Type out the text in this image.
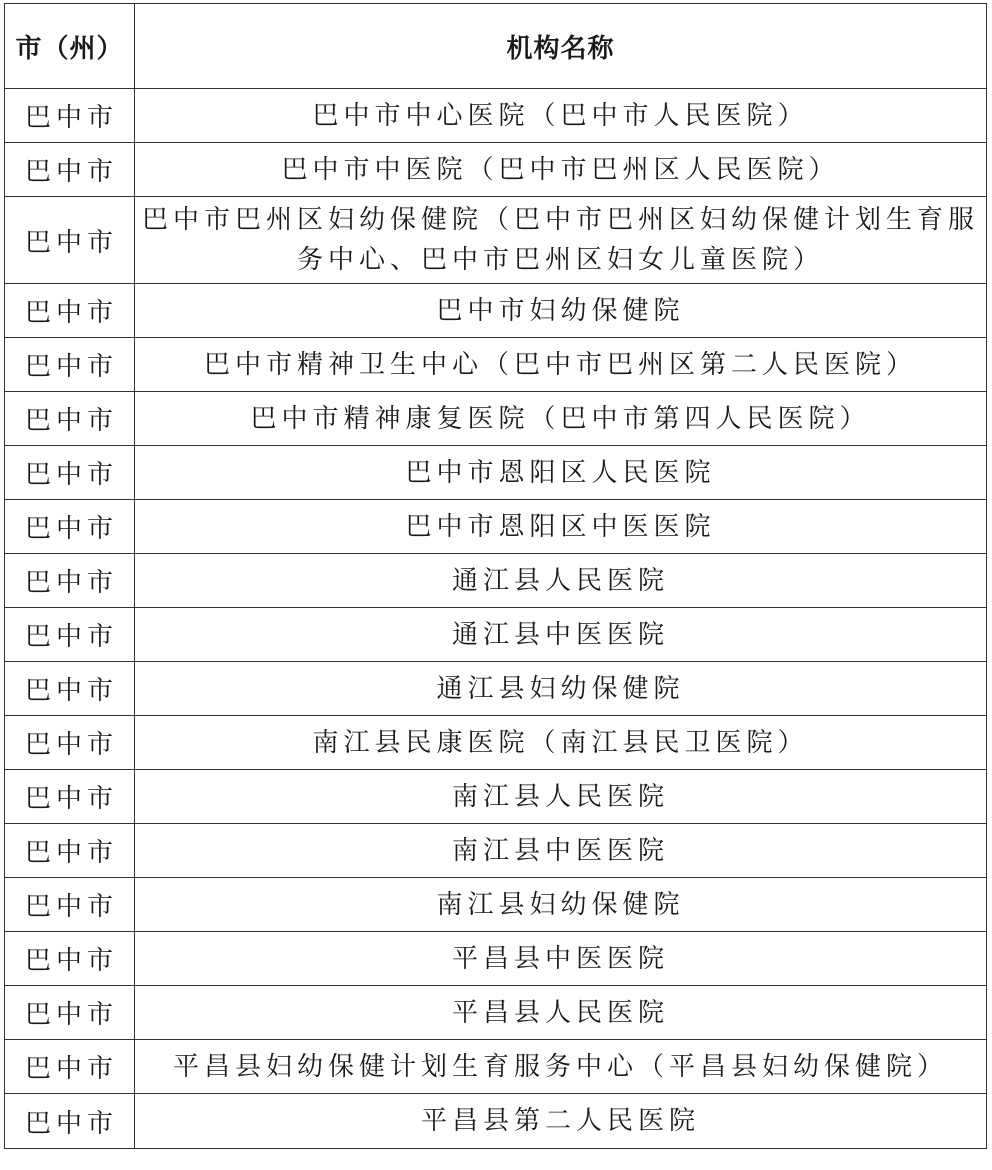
市（州）	机构名称
巴中市	巴中市中心医院（巴中市人民医院）
巴中市	巴中市中医院（巴中市巴州区人民医院）
巴中市	巴中市巴州区妇幼保健院（巴中市巴州区妇幼保健计划生育服务中心、巴中市巴州区妇女儿童医院）
巴中市	巴中市妇幼保健院
巴中市	巴中市精神卫生中心（巴中市巴州区第二人民医院）
巴中市	巴中市精神康复医院（巴中市第四人民医院）
巴中市	巴中市恩阳区人民医院
巴中市	巴中市恩阳区中医医院
巴中市	通江县人民医院
巴中市	通江县中医医院
巴中市	通江县妇幼保健院
巴中市	南江县民康医院（南江县民卫医院）
巴中市	南江县人民医院
巴中市	南江县中医医院
巴中市	南江县妇幼保健院
巴中市	平昌县中医医院
巴中市	平昌县人民医院
巴中市	平昌县妇幼保健计划生育服务中心（平昌县妇幼保健院）
巴中市	平昌县第二人民医院
